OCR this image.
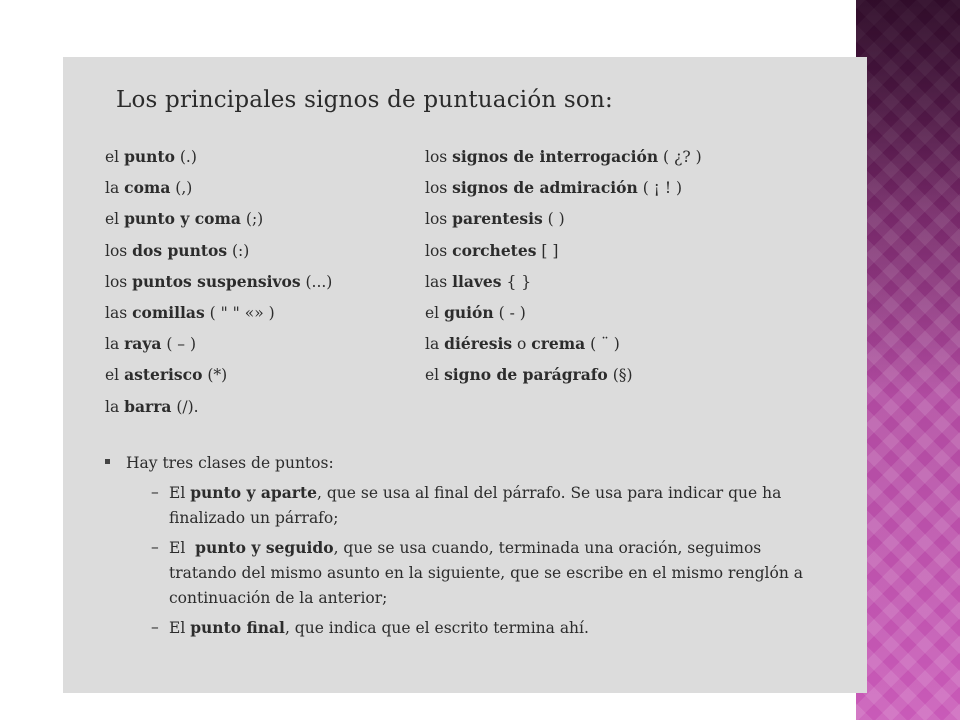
Los principales signos de puntuación son:
el punto (.)
la coma (,)
el punto y coma (;)
los dos puntos (:)
los puntos suspensivos (...)
las comillas ( " " «» )
la raya ( – )
el asterisco (*)
la barra (/).
los signos de interrogación ( ¿? )
los signos de admiración ( ¡ ! )
los parentesis ( )
los corchetes [ ]
las llaves { }
el guión ( - )
la diéresis o crema ( ¨ )
el signo de parágrafo (§)
Hay tres clases de puntos:
– El punto y aparte, que se usa al final del párrafo. Se usa para indicar que ha finalizado un párrafo;
– El  punto y seguido, que se usa cuando, terminada una oración, seguimos tratando del mismo asunto en la siguiente, que se escribe en el mismo renglón a continuación de la anterior;
– El punto final, que indica que el escrito termina ahí.
